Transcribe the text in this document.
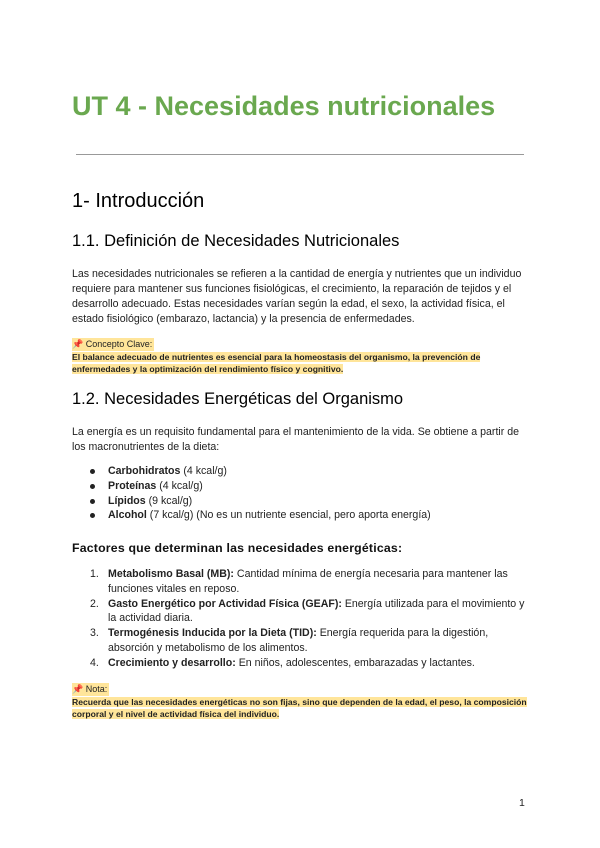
UT 4 - Necesidades nutricionales
1- Introducción
1.1. Definición de Necesidades Nutricionales
Las necesidades nutricionales se refieren a la cantidad de energía y nutrientes que un individuo requiere para mantener sus funciones fisiológicas, el crecimiento, la reparación de tejidos y el desarrollo adecuado. Estas necesidades varían según la edad, el sexo, la actividad física, el estado fisiológico (embarazo, lactancia) y la presencia de enfermedades.
📌 Concepto Clave:
El balance adecuado de nutrientes es esencial para la homeostasis del organismo, la prevención de enfermedades y la optimización del rendimiento físico y cognitivo.
1.2. Necesidades Energéticas del Organismo
La energía es un requisito fundamental para el mantenimiento de la vida. Se obtiene a partir de los macronutrientes de la dieta:
Carbohidratos (4 kcal/g)
Proteínas (4 kcal/g)
Lípidos (9 kcal/g)
Alcohol (7 kcal/g) (No es un nutriente esencial, pero aporta energía)
Factores que determinan las necesidades energéticas:
1. Metabolismo Basal (MB): Cantidad mínima de energía necesaria para mantener las funciones vitales en reposo.
2. Gasto Energético por Actividad Física (GEAF): Energía utilizada para el movimiento y la actividad diaria.
3. Termogénesis Inducida por la Dieta (TID): Energía requerida para la digestión, absorción y metabolismo de los alimentos.
4. Crecimiento y desarrollo: En niños, adolescentes, embarazadas y lactantes.
📌 Nota:
Recuerda que las necesidades energéticas no son fijas, sino que dependen de la edad, el peso, la composición corporal y el nivel de actividad física del individuo.
1
